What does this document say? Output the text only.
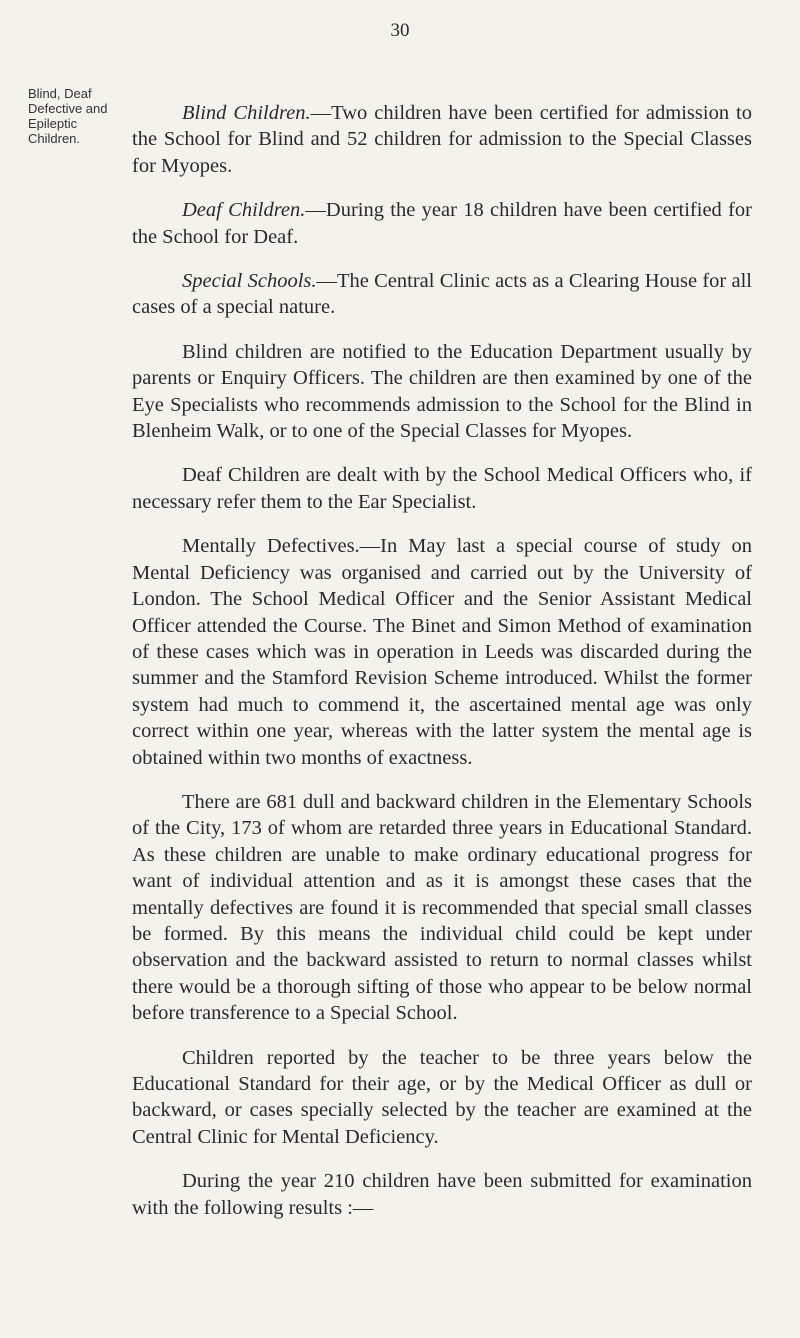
30
Blind, Deaf
Defective and
Epileptic
Children.

Blind Children.—Two children have been certified for admission to the School for Blind and 52 children for admission to the Special Classes for Myopes.

Deaf Children.—During the year 18 children have been certified for the School for Deaf.

Special Schools.—The Central Clinic acts as a Clearing House for all cases of a special nature.

Blind children are notified to the Education Department usually by parents or Enquiry Officers. The children are then examined by one of the Eye Specialists who recommends admission to the School for the Blind in Blenheim Walk, or to one of the Special Classes for Myopes.

Deaf Children are dealt with by the School Medical Officers who, if necessary refer them to the Ear Specialist.

Mentally Defectives.—In May last a special course of study on Mental Deficiency was organised and carried out by the University of London. The School Medical Officer and the Senior Assistant Medical Officer attended the Course. The Binet and Simon Method of examination of these cases which was in operation in Leeds was discarded during the summer and the Stamford Revision Scheme introduced. Whilst the former system had much to commend it, the ascertained mental age was only correct within one year, whereas with the latter system the mental age is obtained within two months of exactness.

There are 681 dull and backward children in the Elementary Schools of the City, 173 of whom are retarded three years in Educational Standard. As these children are unable to make ordinary educational progress for want of individual attention and as it is amongst these cases that the mentally defectives are found it is recommended that special small classes be formed. By this means the individual child could be kept under observation and the backward assisted to return to normal classes whilst there would be a thorough sifting of those who appear to be below normal before transference to a Special School.

Children reported by the teacher to be three years below the Educational Standard for their age, or by the Medical Officer as dull or backward, or cases specially selected by the teacher are examined at the Central Clinic for Mental Deficiency.

During the year 210 children have been submitted for examination with the following results :—
